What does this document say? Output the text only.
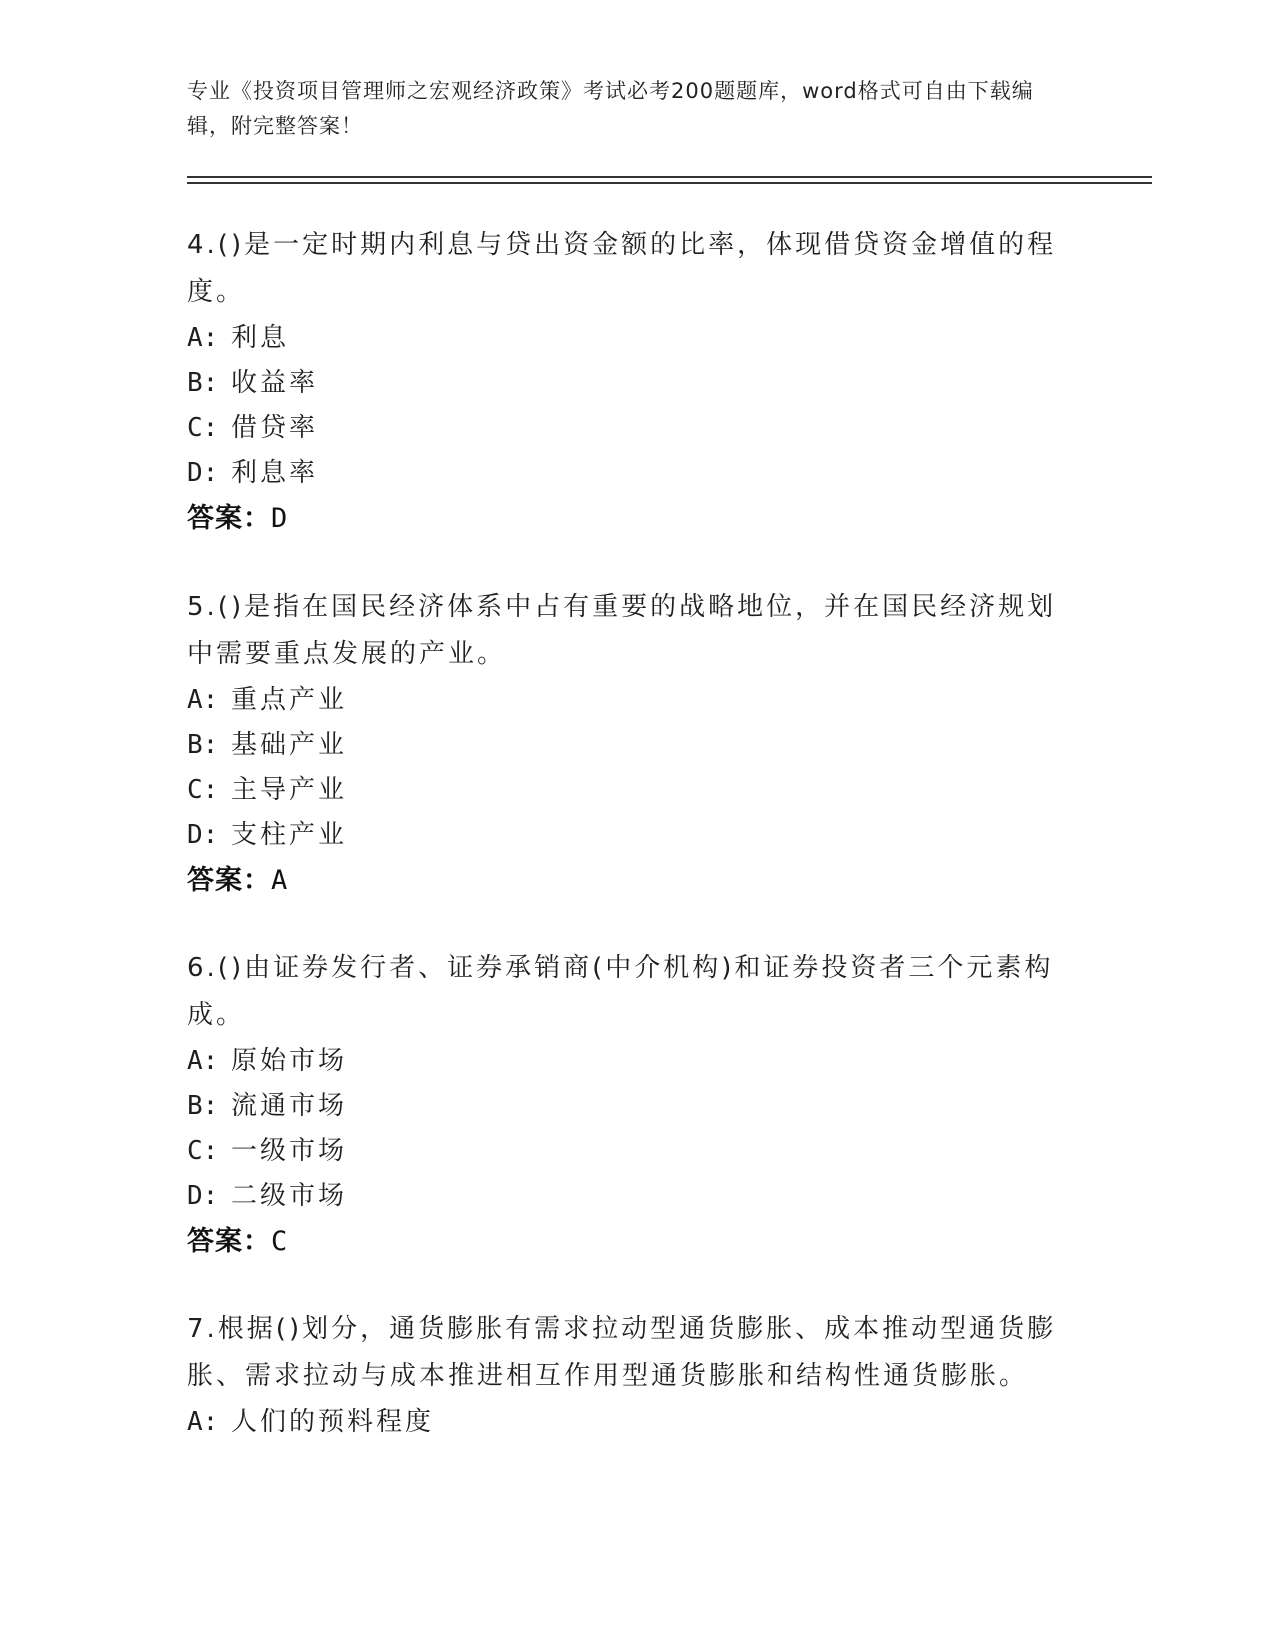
专业《投资项目管理师之宏观经济政策》考试必考200题题库，word格式可自由下载编辑，附完整答案！

4.()是一定时期内利息与贷出资金额的比率，体现借贷资金增值的程度。

A: 利息

B: 收益率

C: 借贷率

D: 利息率

答案：D

5.()是指在国民经济体系中占有重要的战略地位，并在国民经济规划中需要重点发展的产业。

A: 重点产业

B: 基础产业

C: 主导产业

D: 支柱产业

答案：A

6.()由证券发行者、证券承销商(中介机构)和证券投资者三个元素构成。

A: 原始市场

B: 流通市场

C: 一级市场

D: 二级市场

答案：C

7.根据()划分，通货膨胀有需求拉动型通货膨胀、成本推动型通货膨胀、需求拉动与成本推进相互作用型通货膨胀和结构性通货膨胀。

A: 人们的预料程度
